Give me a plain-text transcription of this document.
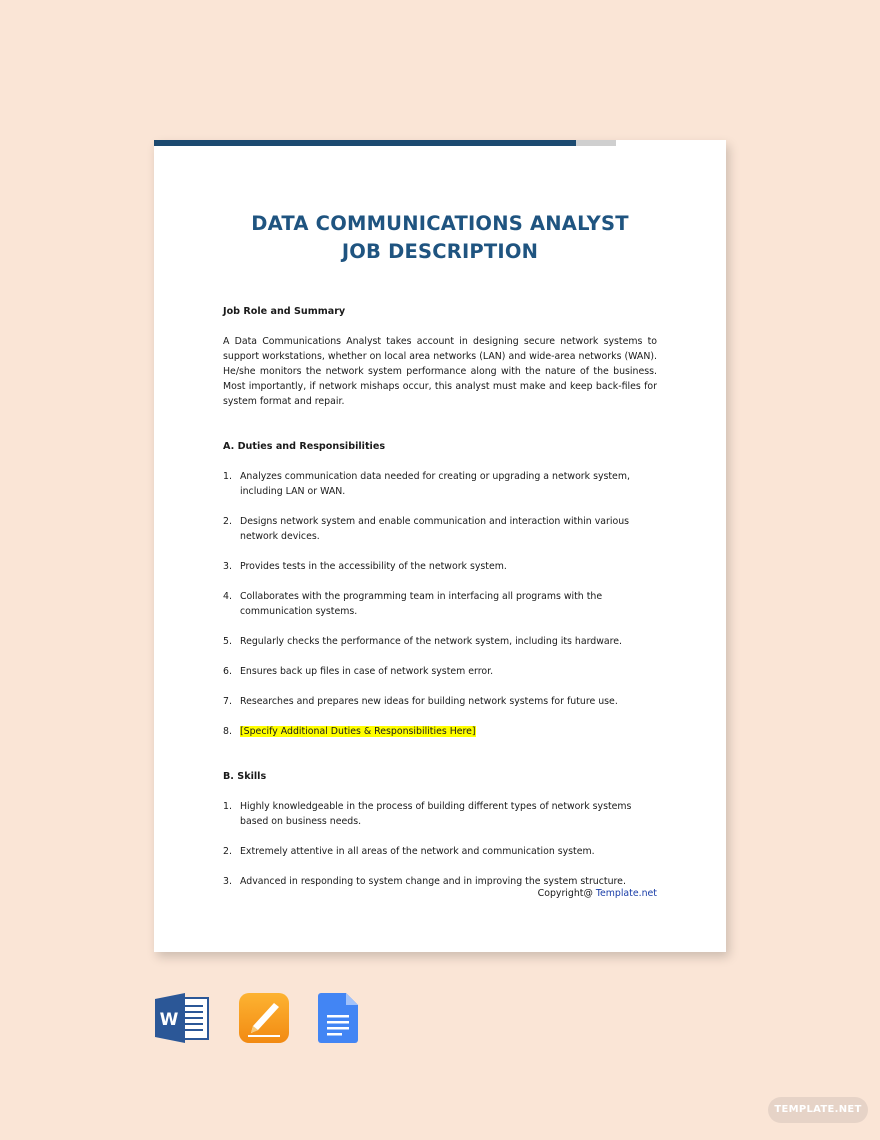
DATA COMMUNICATIONS ANALYST
JOB DESCRIPTION

Job Role and Summary

A Data Communications Analyst takes account in designing secure network systems to support workstations, whether on local area networks (LAN) and wide-area networks (WAN). He/she monitors the network system performance along with the nature of the business. Most importantly, if network mishaps occur, this analyst must make and keep back-files for system format and repair.

A. Duties and Responsibilities

1. Analyzes communication data needed for creating or upgrading a network system, including LAN or WAN.
2. Designs network system and enable communication and interaction within various network devices.
3. Provides tests in the accessibility of the network system.
4. Collaborates with the programming team in interfacing all programs with the communication systems.
5. Regularly checks the performance of the network system, including its hardware.
6. Ensures back up files in case of network system error.
7. Researches and prepares new ideas for building network systems for future use.
8. [Specify Additional Duties & Responsibilities Here]

B. Skills

1. Highly knowledgeable in the process of building different types of network systems based on business needs.
2. Extremely attentive in all areas of the network and communication system.
3. Advanced in responding to system change and in improving the system structure.
Copyright@ Template.net
W
TEMPLATE.NET
